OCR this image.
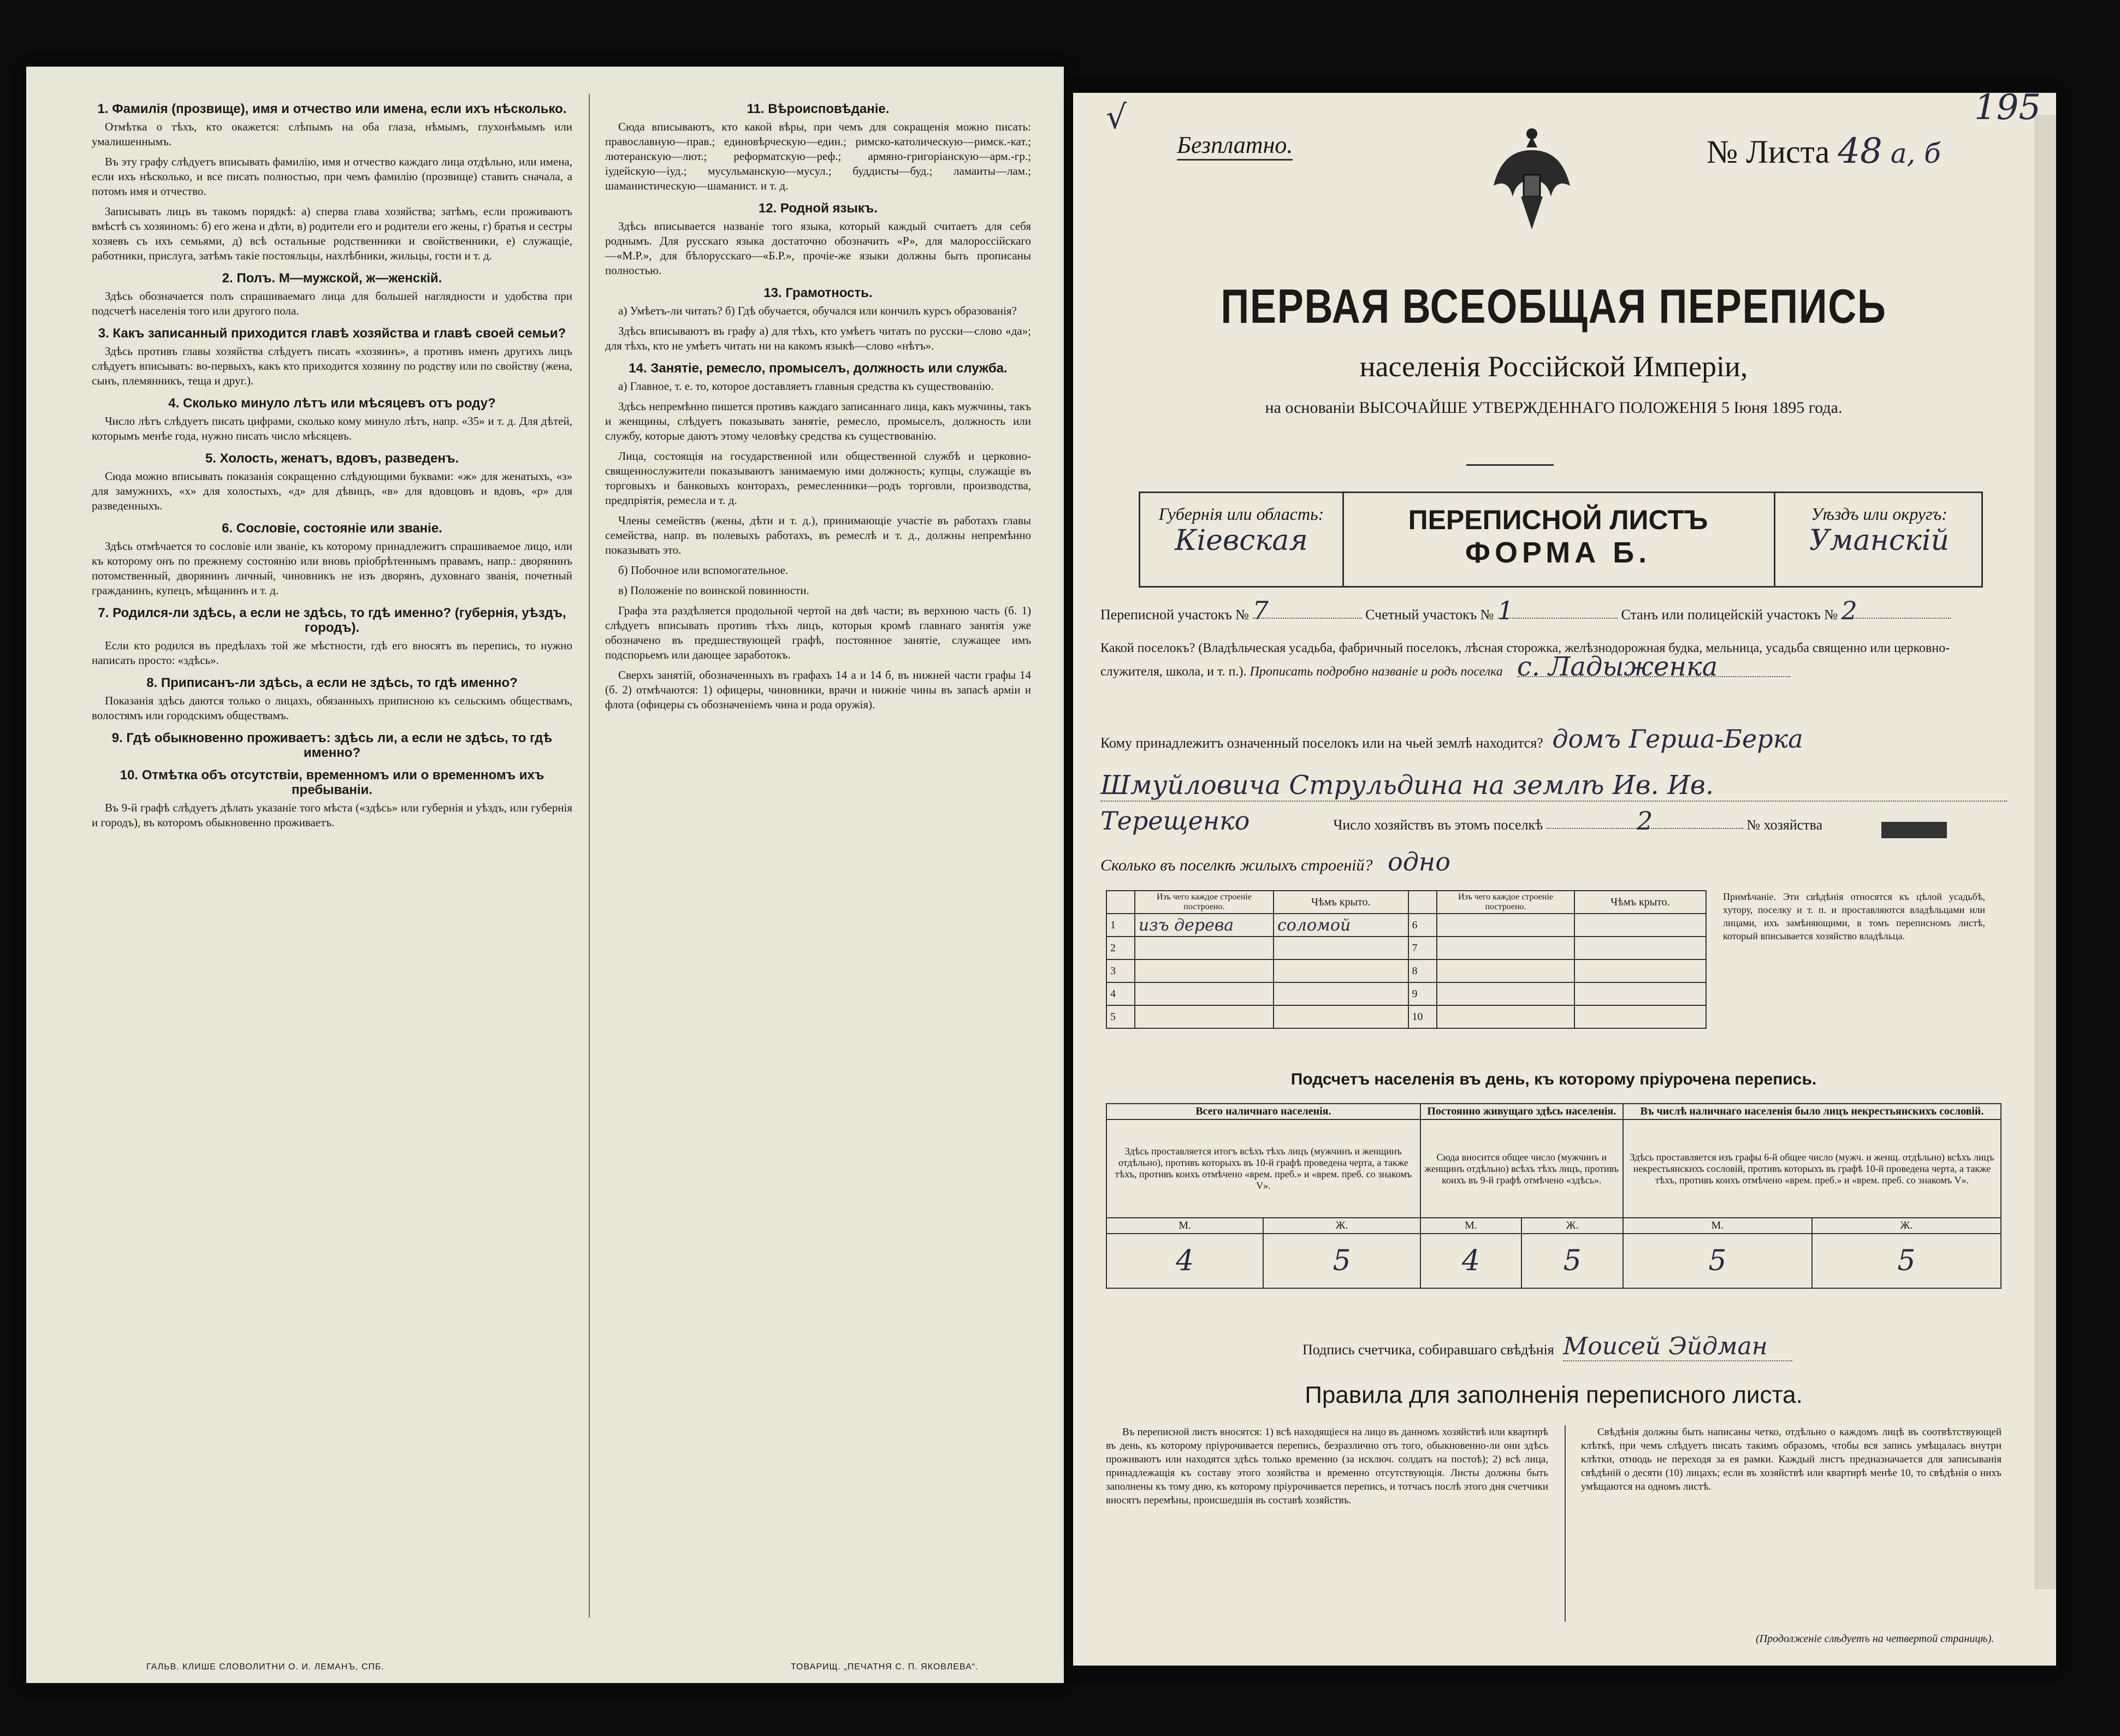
1. Фамилія (прозвище), имя и отчество или имена, если ихъ нѣсколько.

Отмѣтка о тѣхъ, кто окажется: слѣпымъ на оба глаза, нѣмымъ, глухонѣмымъ или умалишеннымъ.

Въ эту графу слѣдуетъ вписывать фамилію, имя и отчество каждаго лица отдѣльно, или имена, если ихъ нѣсколько, и все писать полностью, при чемъ фамилію (прозвище) ставить сначала, а потомъ имя и отчество.

Записывать лицъ въ такомъ порядкѣ: a) сперва глава хозяйства; затѣмъ, если проживаютъ вмѣстѣ съ хозяиномъ: б) его жена и дѣти, в) родители его и родители его жены, г) братья и сестры хозяевъ съ ихъ семьями, д) всѣ остальные родственники и свойственники, е) служащіе, работники, прислуга, затѣмъ такіе постояльцы, нахлѣбники, жильцы, гости и т. д.

2. Полъ. М—мужской, ж—женскій.

Здѣсь обозначается полъ спрашиваемаго лица для большей наглядности и удобства при подсчетѣ населенія того или другого пола.

3. Какъ записанный приходится главѣ хозяйства и главѣ своей семьи?

Здѣсь противъ главы хозяйства слѣдуетъ писать «хозяинъ», а противъ именъ другихъ лицъ слѣдуетъ вписывать: во-первыхъ, какъ кто приходится хозяину по родству или по свойству (жена, сынъ, племянникъ, теща и друг.).

4. Сколько минуло лѣтъ или мѣсяцевъ отъ роду?

Число лѣтъ слѣдуетъ писать цифрами, сколько кому минуло лѣтъ, напр. «35» и т. д. Для дѣтей, которымъ менѣе года, нужно писать число мѣсяцевъ.

5. Холость, женатъ, вдовъ, разведенъ.

Сюда можно вписывать показанія сокращенно слѣдующими буквами: «ж» для женатыхъ, «з» для замужнихъ, «х» для холостыхъ, «д» для дѣвицъ, «в» для вдовцовъ и вдовъ, «р» для разведенныхъ.

6. Сословіе, состояніе или званіе.

Здѣсь отмѣчается то сословіе или званіе, къ которому принадлежитъ спрашиваемое лицо, или къ которому онъ по прежнему состоянію или вновь пріобрѣтеннымъ правамъ, напр.: дворянинъ потомственный, дворянинъ личный, чиновникъ не изъ дворянъ, духовнаго званія, почетный гражданинъ, купецъ, мѣщанинъ и т. д.

7. Родился-ли здѣсь, а если не здѣсь, то гдѣ именно? (губернія, уѣздъ, городъ).

Если кто родился въ предѣлахъ той же мѣстности, гдѣ его вносятъ въ перепись, то нужно написать просто: «здѣсь».

8. Приписанъ-ли здѣсь, а если не здѣсь, то гдѣ именно?

Показанія здѣсь даются только о лицахъ, обязанныхъ приписною къ сельскимъ обществамъ, волостямъ или городскимъ обществамъ.

9. Гдѣ обыкновенно проживаетъ: здѣсь ли, а если не здѣсь, то гдѣ именно?
10. Отмѣтка объ отсутствіи, временномъ или о временномъ ихъ пребываніи.

Въ 9-й графѣ слѣдуетъ дѣлать указаніе того мѣста («здѣсь» или губернія и уѣздъ, или губернія и городъ), въ которомъ обыкновенно проживаетъ.

11. Вѣроисповѣданіе.

Сюда вписываютъ, кто какой вѣры, при чемъ для сокращенія можно писать: православную—прав.; единовѣрческую—един.; римско-католическую—римск.-кат.; лютеранскую—лют.; реформатскую—реф.; армяно-григоріанскую—арм.-гр.; іудейскую—іуд.; мусульманскую—мусул.; буддисты—буд.; ламаиты—лам.; шаманистическую—шаманист. и т. д.

12. Родной языкъ.

Здѣсь вписывается названіе того языка, который каждый считаетъ для себя роднымъ. Для русскаго языка достаточно обозначить «Р», для малороссійскаго—«М.Р.», для бѣлорусскаго—«Б.Р.», прочіе-же языки должны быть прописаны полностью.

13. Грамотность.

а) Умѣетъ-ли читать? б) Гдѣ обучается, обучался или кончилъ курсъ образованія?

Здѣсь вписываютъ въ графу а) для тѣхъ, кто умѣетъ читать по русски—слово «да»; для тѣхъ, кто не умѣетъ читать ни на какомъ языкѣ—слово «нѣтъ».

14. Занятіе, ремесло, промыселъ, должность или служба.

а) Главное, т. е. то, которое доставляетъ главныя средства къ существованію.

Здѣсь непремѣнно пишется противъ каждаго записаннаго лица, какъ мужчины, такъ и женщины, слѣдуетъ показывать занятіе, ремесло, промыселъ, должность или службу, которые даютъ этому человѣку средства къ существованію.

Лица, состоящія на государственной или общественной службѣ и церковно-священнослужители показываютъ занимаемую ими должность; купцы, служащіе въ торговыхъ и банковыхъ конторахъ, ремесленники—родъ торговли, производства, предпріятія, ремесла и т. д.

Члены семействъ (жены, дѣти и т. д.), принимающіе участіе въ работахъ главы семейства, напр. въ полевыхъ работахъ, въ ремеслѣ и т. д., должны непремѣнно показывать это.

б) Побочное или вспомогательное.

в) Положеніе по воинской повинности.

Графа эта раздѣляется продольной чертой на двѣ части; въ верхнюю часть (б. 1) слѣдуетъ вписывать противъ тѣхъ лицъ, которыя кромѣ главнаго занятія уже обозначено въ предшествующей графѣ, постоянное занятіе, служащее имъ подспорьемъ или дающее заработокъ.

Сверхъ занятій, обозначенныхъ въ графахъ 14 а и 14 б, въ нижней части графы 14 (б. 2) отмѣчаются: 1) офицеры, чиновники, врачи и нижніе чины въ запасѣ арміи и флота (офицеры съ обозначеніемъ чина и рода оружія).

ГАЛЬВ. КЛИШЕ СЛОВОЛИТНИ О. И. ЛЕМАНЪ, СПБ.	ТОВАРИЩ. „ПЕЧАТНЯ С. П. ЯКОВЛЕВА“.
√	195
Безплатно.	№ Листа 48 а, б
ПЕРВАЯ ВСЕОБЩАЯ ПЕРЕПИСЬ
населенія Россійской Имперіи,
на основаніи ВЫСОЧАЙШЕ УТВЕРЖДЕННАГО ПОЛОЖЕНІЯ 5 Іюня 1895 года.
Губернія или область:
Кіевская
ПЕРЕПИСНОЙ ЛИСТЪ
ФОРМА Б.
Уѣздъ или округъ:
Уманскій
Переписной участокъ № 7	Счетный участокъ № 1	Станъ или полицейскій участокъ № 2
Какой поселокъ? (Владѣльческая усадьба, фабричный поселокъ, лѣсная сторожка, желѣзнодорожная будка, мельница, усадьба священно или церковно-служителя, школа, и т. п.). Прописать подробно названіе и родъ поселка с. Ладыженка
Кому принадлежитъ означенный поселокъ или на чьей землѣ находится? домъ Герша-Берка
Шмуйловича Струльдина на землѣ Ив. Ив.
Терещенко	Число хозяйствъ въ этомъ поселкѣ	2	№ хозяйства
Сколько въ поселкѣ жилыхъ строеній? одно
	Изъ чего каждое строеніе построено.	Чѣмъ крыто.		Изъ чего каждое строеніе построено.	Чѣмъ крыто.
1	изъ дерева	соломой	6		
2			7		
3			8		
4			9		
5			10		
Примѣчаніе. Эти свѣдѣнія относятся къ цѣлой усадьбѣ, хутору, поселку и т. п. и проставляются владѣльцами или лицами, ихъ замѣняющими, в томъ переписномъ листѣ, который вписывается хозяйство владѣльца.
Подсчетъ населенія въ день, къ которому пріурочена перепись.
Всего наличнаго населенія.		Постоянно живущаго здѣсь населенія.		Въ числѣ наличнаго населенія было лицъ некрестьянскихъ сословій.	
Здѣсь проставляется итогъ всѣхъ тѣхъ лицъ (мужчинъ и женщинъ отдѣльно), противъ которыхъ въ 10-й графѣ проведена черта, а также тѣхъ, противъ коихъ отмѣчено «врем. преб.» и «врем. преб. со знакомъ V».		Сюда вносится общее число (мужчинъ и женщинъ отдѣльно) всѣхъ тѣхъ лицъ, противъ коихъ въ 9-й графѣ отмѣчено «здѣсь».		Здѣсь проставляется изъ графы 6-й общее число (мужч. и женщ. отдѣльно) всѣхъ лицъ некрестьянскихъ сословій, противъ которыхъ въ графѣ 10-й проведена черта, а также тѣхъ, противъ коихъ отмѣчено «врем. преб.» и «врем. преб. со знакомъ V».	
М.	Ж.	М.	Ж.	М.	Ж.
4	5	4	5	5	5
Подпись счетчика, собиравшаго свѣдѣнія Моисей Эйдман
Правила для заполненія переписного листа.
Въ переписной листъ вносятся: 1) всѣ находящіеся на лицо въ данномъ хозяйствѣ или квартирѣ въ день, къ которому пріурочивается перепись, безразлично отъ того, обыкновенно-ли они здѣсь проживаютъ или находятся здѣсь только временно (за исключ. солдатъ на постоѣ); 2) всѣ лица, принадлежащія къ составу этого хозяйства и временно отсутствующія. Листы должны быть заполнены къ тому дню, къ которому пріурочивается перепись, и тотчасъ послѣ этого дня счетчики вносятъ перемѣны, происшедшія въ составѣ хозяйствъ.
Свѣдѣнія должны быть написаны четко, отдѣльно о каждомъ лицѣ въ соотвѣтствующей клѣткѣ, при чемъ слѣдуетъ писать такимъ образомъ, чтобы вся запись умѣщалась внутри клѣтки, отнюдь не переходя за ея рамки. Каждый листъ предназначается для записыванія свѣдѣній о десяти (10) лицахъ; если въ хозяйствѣ или квартирѣ менѣе 10, то свѣдѣнія о нихъ умѣщаются на одномъ листѣ.
(Продолженіе слѣдуетъ на четвертой страницѣ).
